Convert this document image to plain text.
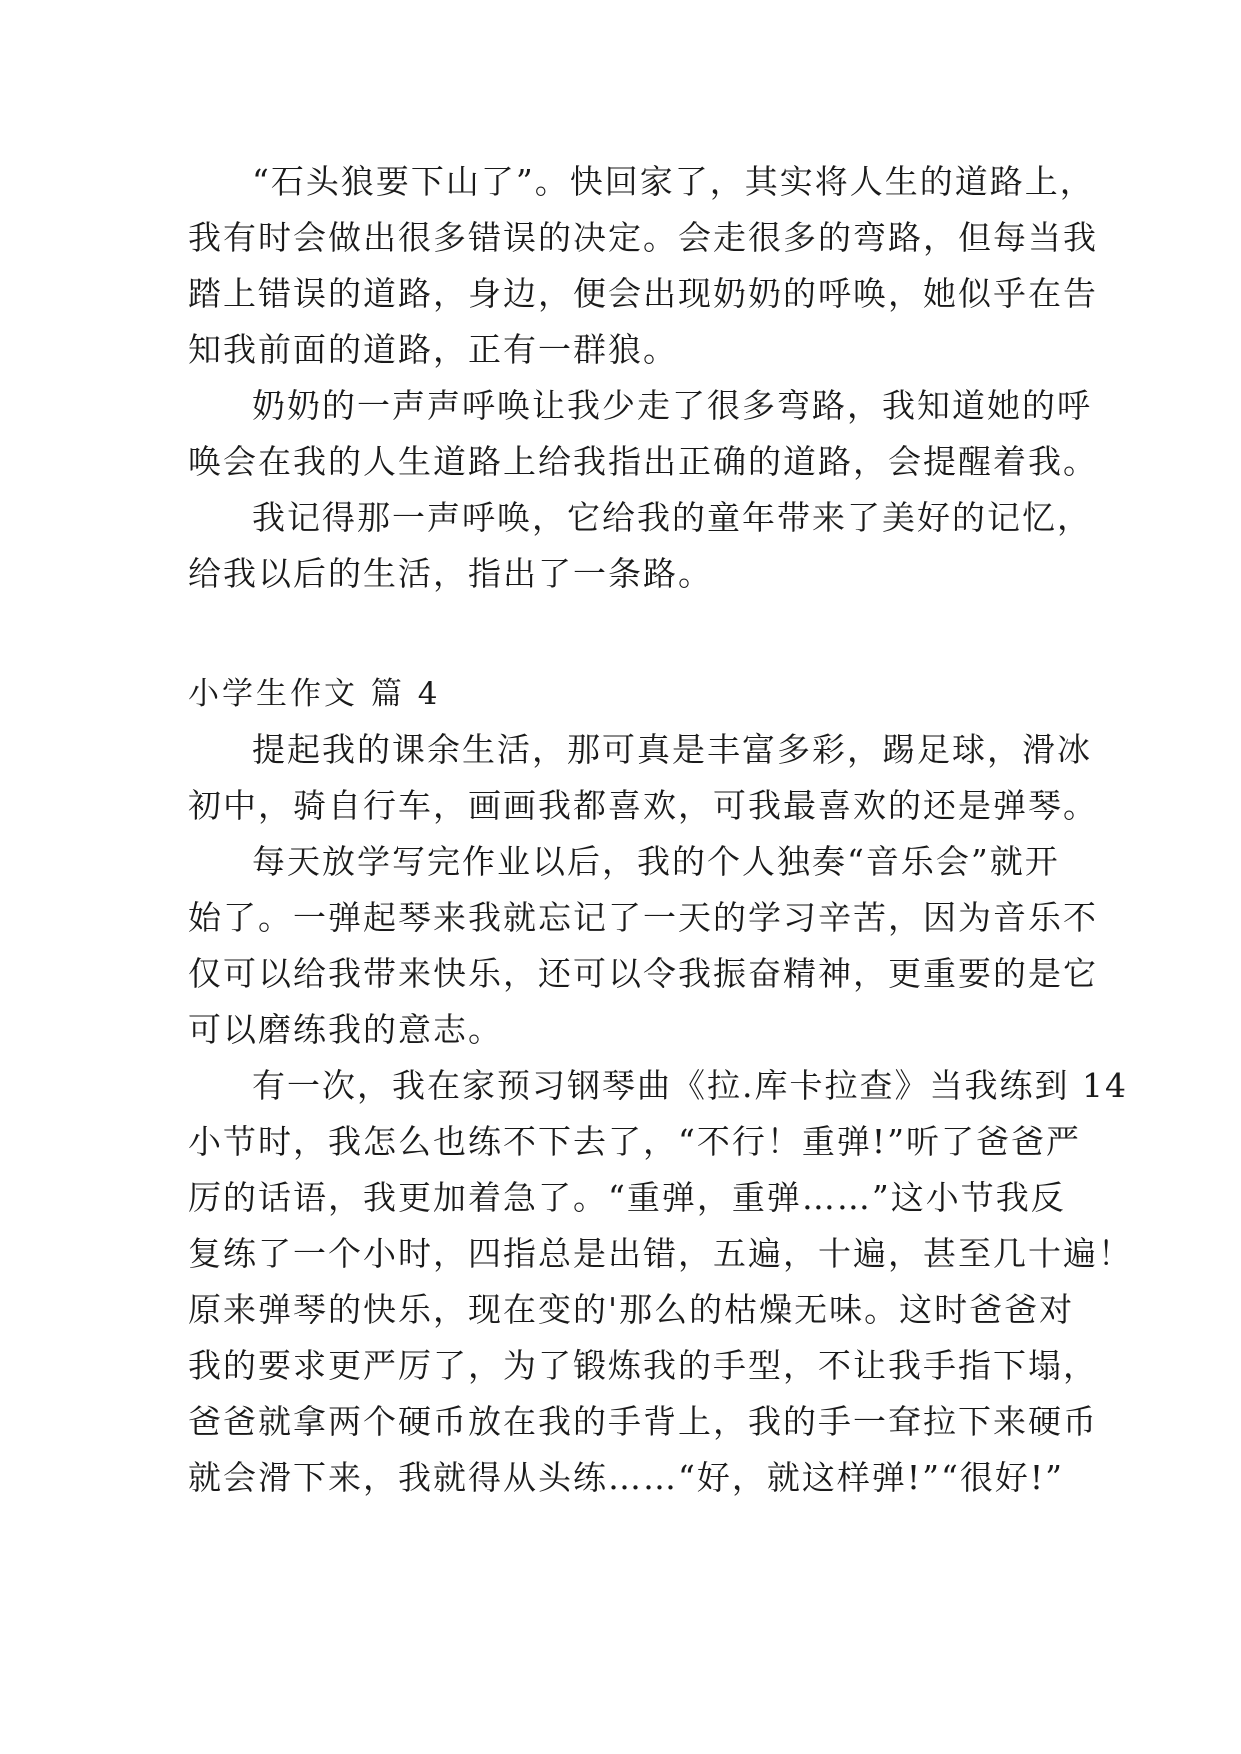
“石头狼要下山了”。快回家了，其实将人生的道路上，
我有时会做出很多错误的决定。会走很多的弯路，但每当我
踏上错误的道路，身边，便会出现奶奶的呼唤，她似乎在告
知我前面的道路，正有一群狼。
奶奶的一声声呼唤让我少走了很多弯路，我知道她的呼
唤会在我的人生道路上给我指出正确的道路，会提醒着我。
我记得那一声呼唤，它给我的童年带来了美好的记忆，
给我以后的生活，指出了一条路。
小学生作文 篇 4
提起我的课余生活，那可真是丰富多彩，踢足球，滑冰
初中，骑自行车，画画我都喜欢，可我最喜欢的还是弹琴。
每天放学写完作业以后，我的个人独奏“音乐会”就开
始了。一弹起琴来我就忘记了一天的学习辛苦，因为音乐不
仅可以给我带来快乐，还可以令我振奋精神，更重要的是它
可以磨练我的意志。
有一次，我在家预习钢琴曲《拉.库卡拉查》当我练到 14
小节时，我怎么也练不下去了，“不行！重弹!”听了爸爸严
厉的话语，我更加着急了。“重弹，重弹……”这小节我反
复练了一个小时，四指总是出错，五遍，十遍，甚至几十遍！
原来弹琴的快乐，现在变的'那么的枯燥无味。这时爸爸对
我的要求更严厉了，为了锻炼我的手型，不让我手指下塌，
爸爸就拿两个硬币放在我的手背上，我的手一耷拉下来硬币
就会滑下来，我就得从头练……“好，就这样弹!”“很好!”
